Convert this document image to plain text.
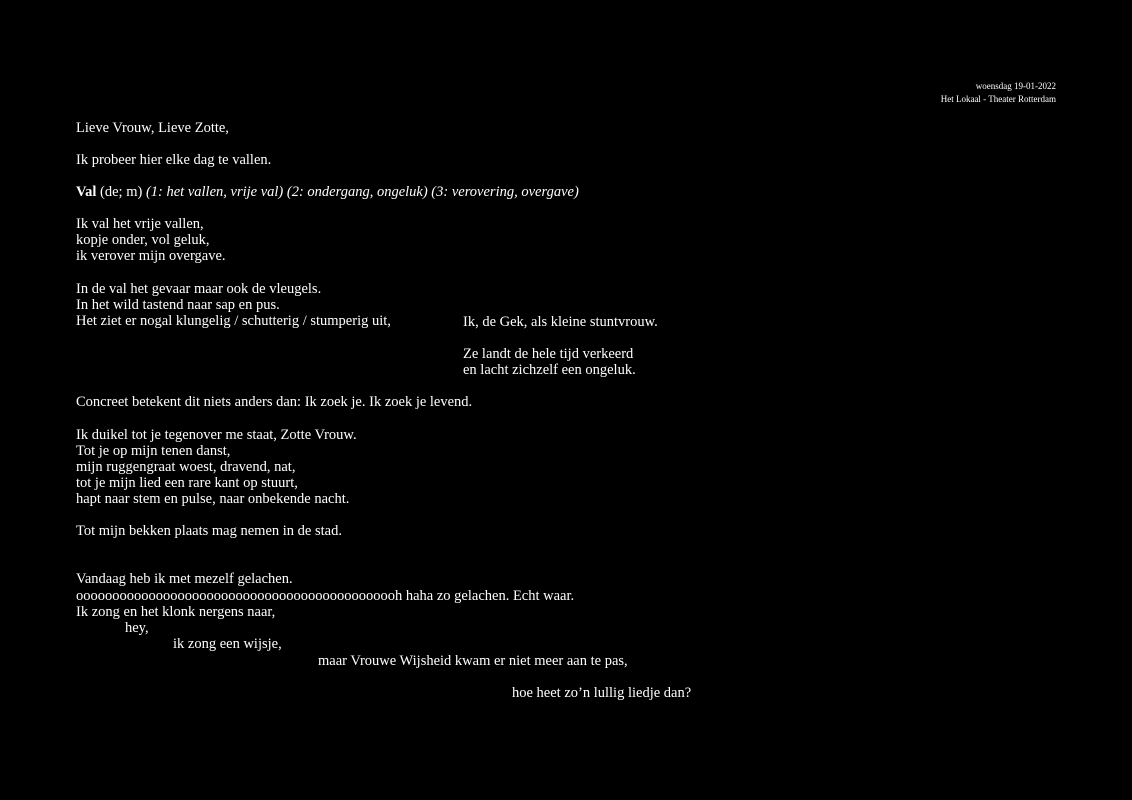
woensdag 19-01-2022
Het Lokaal - Theater Rotterdam
Lieve Vrouw, Lieve Zotte,
Ik probeer hier elke dag te vallen.
Val (de; m) (1: het vallen, vrije val) (2: ondergang, ongeluk) (3: verovering, overgave)
Ik val het vrije vallen,
kopje onder, vol geluk,
ik verover mijn overgave.
In de val het gevaar maar ook de vleugels.
In het wild tastend naar sap en pus.
Het ziet er nogal klungelig / schutterig / stumperig uit,	Ik, de Gek, als kleine stuntvrouw.
Ze landt de hele tijd verkeerd
en lacht zichzelf een ongeluk.
Concreet betekent dit niets anders dan: Ik zoek je. Ik zoek je levend.
Ik duikel tot je tegenover me staat, Zotte Vrouw.
Tot je op mijn tenen danst,
mijn ruggengraat woest, dravend, nat,
tot je mijn lied een rare kant op stuurt,
hapt naar stem en pulse, naar onbekende nacht.
Tot mijn bekken plaats mag nemen in de stad.
Vandaag heb ik met mezelf gelachen.
ooooooooooooooooooooooooooooooooooooooooooooh haha zo gelachen. Echt waar.
Ik zong en het klonk nergens naar,
hey,
ik zong een wijsje,
maar Vrouwe Wijsheid kwam er niet meer aan te pas,
hoe heet zo’n lullig liedje dan?
